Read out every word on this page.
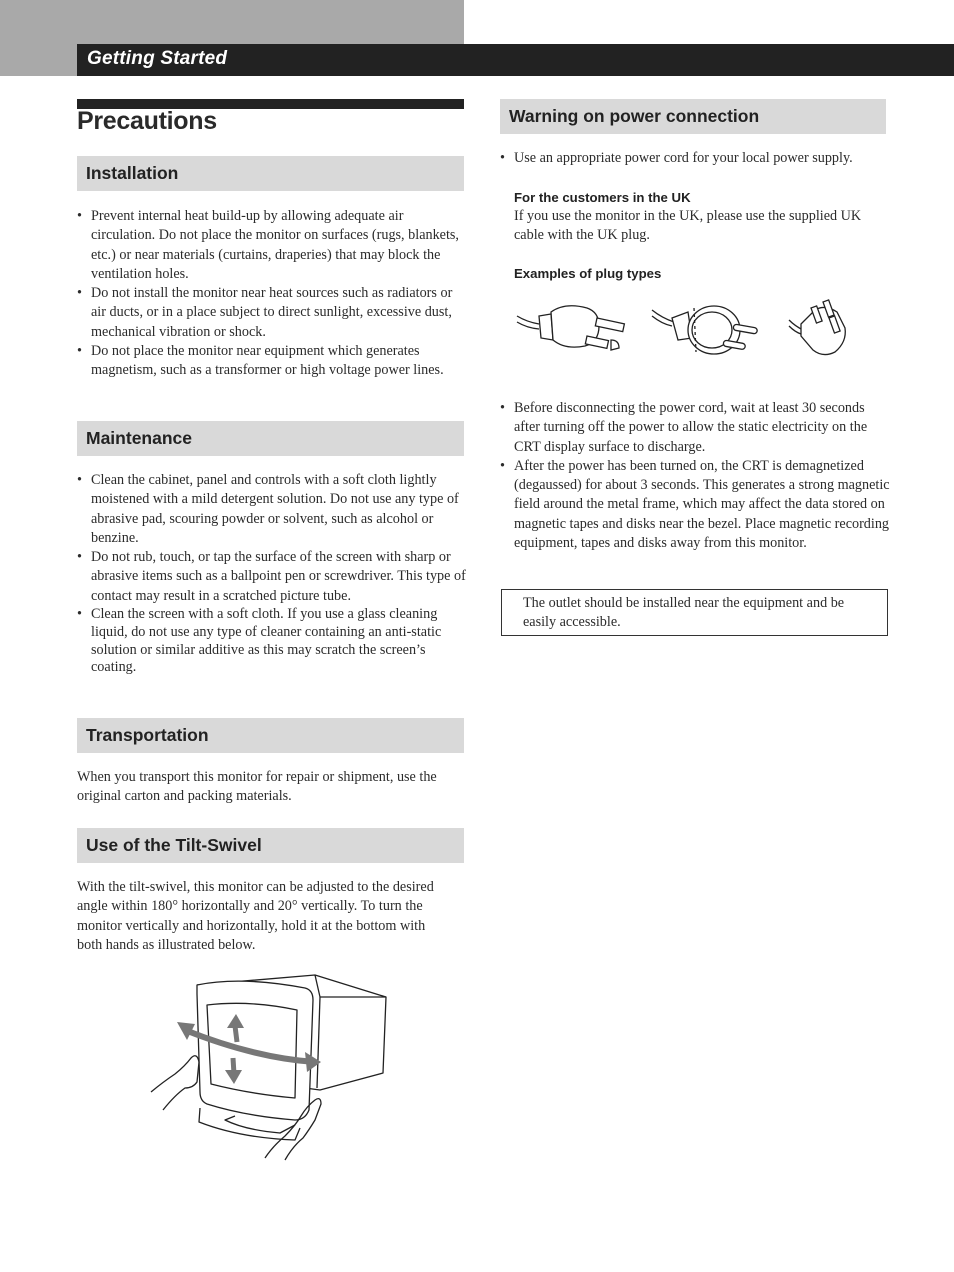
Getting Started
Precautions
Installation
• Prevent internal heat build-up by allowing adequate air circulation. Do not place the monitor on surfaces (rugs, blankets, etc.) or near materials (curtains, draperies) that may block the ventilation holes.
• Do not install the monitor near heat sources such as radiators or air ducts, or in a place subject to direct sunlight, excessive dust, mechanical vibration or shock.
• Do not place the monitor near equipment which generates magnetism, such as a transformer or high voltage power lines.
Maintenance
• Clean the cabinet, panel and controls with a soft cloth lightly moistened with a mild detergent solution. Do not use any type of abrasive pad, scouring powder or solvent, such as alcohol or benzine.
• Do not rub, touch, or tap the surface of the screen with sharp or abrasive items such as a ballpoint pen or screwdriver. This type of contact may result in a scratched picture tube.
• Clean the screen with a soft cloth. If you use a glass cleaning liquid, do not use any type of cleaner containing an anti-static solution or similar additive as this may scratch the screen’s coating.
Transportation
When you transport this monitor for repair or shipment, use the original carton and packing materials.
Use of the Tilt-Swivel
With the tilt-swivel, this monitor can be adjusted to the desired angle within 180° horizontally and 20° vertically. To turn the monitor vertically and horizontally, hold it at the bottom with both hands as illustrated below.
Warning on power connection
• Use an appropriate power cord for your local power supply.
For the customers in the UK
If you use the monitor in the UK, please use the supplied UK cable with the UK plug.
Examples of plug types
• Before disconnecting the power cord, wait at least 30 seconds after turning off the power to allow the static electricity on the CRT display surface to discharge.
• After the power has been turned on, the CRT is demagnetized (degaussed) for about 3 seconds. This generates a strong magnetic field around the metal frame, which may affect the data stored on magnetic tapes and disks near the bezel. Place magnetic recording equipment, tapes and disks away from this monitor.
The outlet should be installed near the equipment and be easily accessible.
